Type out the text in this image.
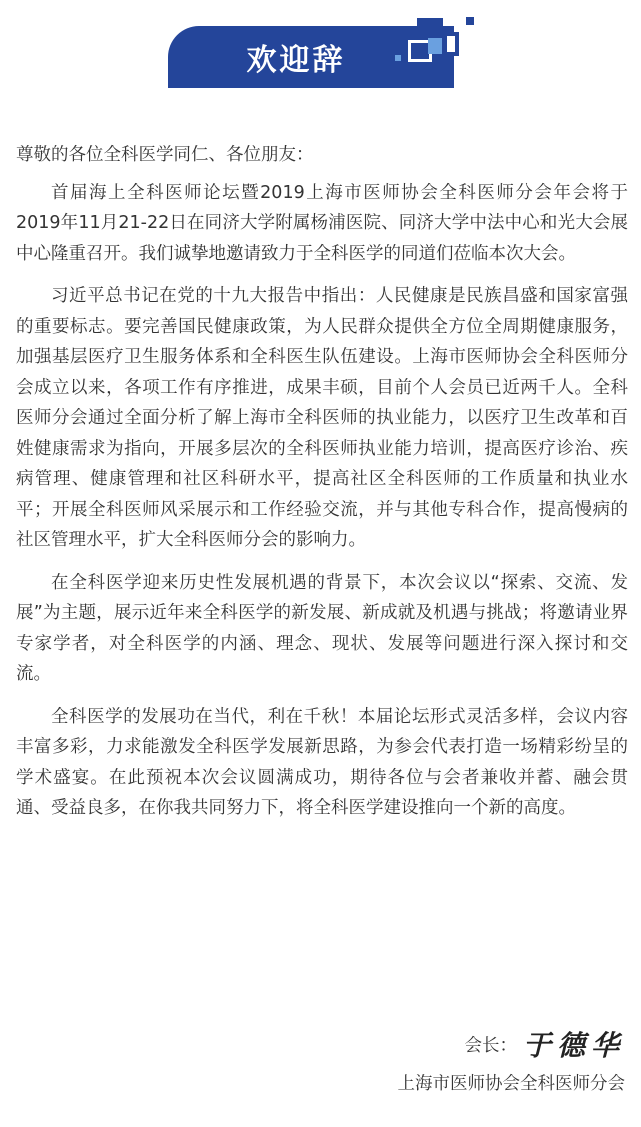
欢迎辞

尊敬的各位全科医学同仁、各位朋友：

首届海上全科医师论坛暨2019上海市医师协会全科医师分会年会将于2019年11月21-22日在同济大学附属杨浦医院、同济大学中法中心和光大会展中心隆重召开。我们诚挚地邀请致力于全科医学的同道们莅临本次大会。

习近平总书记在党的十九大报告中指出：人民健康是民族昌盛和国家富强的重要标志。要完善国民健康政策，为人民群众提供全方位全周期健康服务，加强基层医疗卫生服务体系和全科医生队伍建设。上海市医师协会全科医师分会成立以来，各项工作有序推进，成果丰硕，目前个人会员已近两千人。全科医师分会通过全面分析了解上海市全科医师的执业能力，以医疗卫生改革和百姓健康需求为指向，开展多层次的全科医师执业能力培训，提高医疗诊治、疾病管理、健康管理和社区科研水平，提高社区全科医师的工作质量和执业水平；开展全科医师风采展示和工作经验交流，并与其他专科合作，提高慢病的社区管理水平，扩大全科医师分会的影响力。

在全科医学迎来历史性发展机遇的背景下，本次会议以“探索、交流、发展”为主题，展示近年来全科医学的新发展、新成就及机遇与挑战；将邀请业界专家学者，对全科医学的内涵、理念、现状、发展等问题进行深入探讨和交流。

全科医学的发展功在当代，利在千秋！本届论坛形式灵活多样，会议内容丰富多彩，力求能激发全科医学发展新思路，为参会代表打造一场精彩纷呈的学术盛宴。在此预祝本次会议圆满成功，期待各位与会者兼收并蓄、融会贯通、受益良多，在你我共同努力下，将全科医学建设推向一个新的高度。

会长： 于德华
上海市医师协会全科医师分会
